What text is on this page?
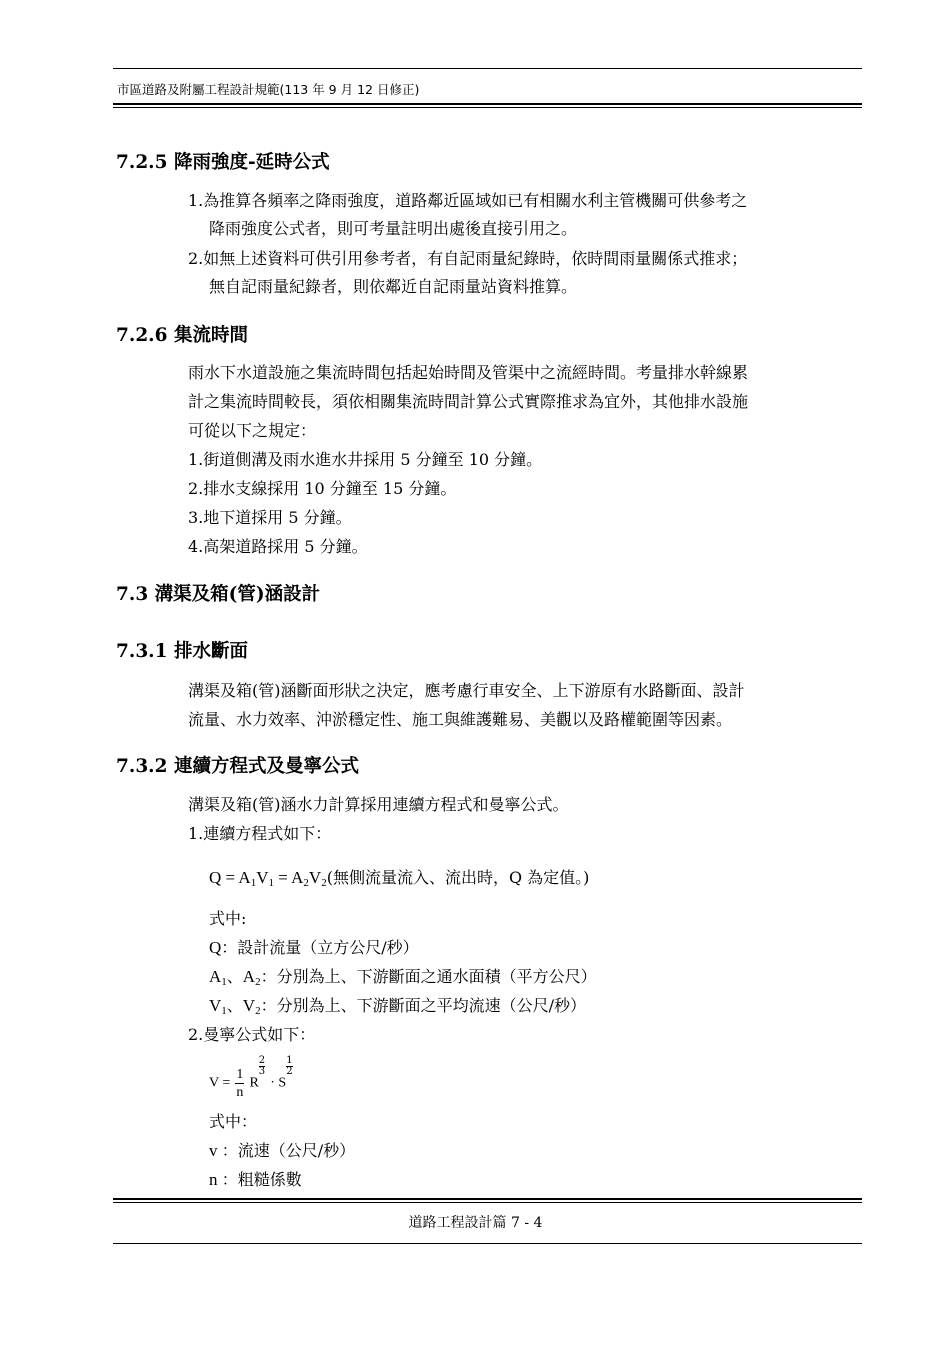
市區道路及附屬工程設計規範(113 年 9 月 12 日修正)
7.2.5 降雨強度-延時公式
1.為推算各頻率之降雨強度，道路鄰近區域如已有相關水利主管機關可供參考之
降雨強度公式者，則可考量註明出處後直接引用之。
2.如無上述資料可供引用參考者，有自記雨量紀錄時，依時間雨量關係式推求；
無自記雨量紀錄者，則依鄰近自記雨量站資料推算。
7.2.6 集流時間
雨水下水道設施之集流時間包括起始時間及管渠中之流經時間。考量排水幹線累
計之集流時間較長，須依相關集流時間計算公式實際推求為宜外，其他排水設施
可從以下之規定：
1.街道側溝及雨水進水井採用 5 分鐘至 10 分鐘。
2.排水支線採用 10 分鐘至 15 分鐘。
3.地下道採用 5 分鐘。
4.高架道路採用 5 分鐘。
7.3 溝渠及箱(管)涵設計
7.3.1 排水斷面
溝渠及箱(管)涵斷面形狀之決定，應考慮行車安全、上下游原有水路斷面、設計
流量、水力效率、沖淤穩定性、施工與維護難易、美觀以及路權範圍等因素。
7.3.2 連續方程式及曼寧公式
溝渠及箱(管)涵水力計算採用連續方程式和曼寧公式。
1.連續方程式如下：
$Q = A_1V_1 = A_2V_2$(無側流量流入、流出時，Q 為定值。)
式中:
Q：設計流量（立方公尺/秒）
$A_1$、$A_2$：分別為上、下游斷面之通水面積（平方公尺）
$V_1$、$V_2$：分別為上、下游斷面之平均流速（公尺/秒）
2.曼寧公式如下：
$V = \frac{1}{n}$ R
$\frac{2}{3}$
· S
$\frac{1}{2}$
式中：
v ：流速（公尺/秒）
n ：粗糙係數
道路工程設計篇 7 - 4
